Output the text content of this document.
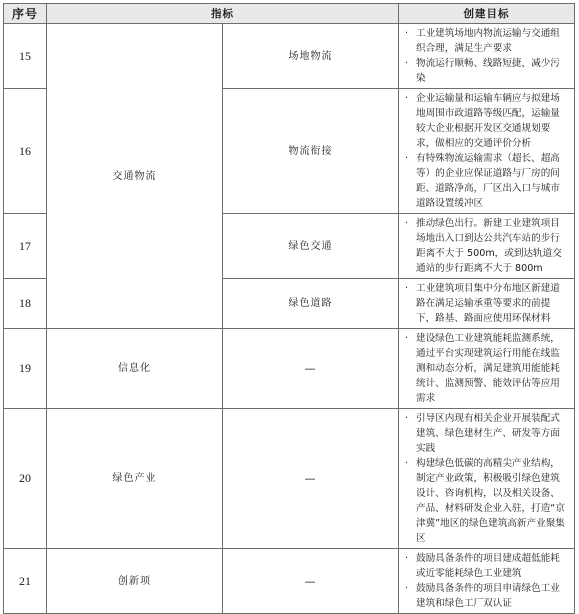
序号	指标		创建目标
15	交通物流	场地物流	· 工业建筑场地内物流运输与交通组织合理，满足生产要求
· 物流运行顺畅、线路短捷，减少污染

16		物流衔接	· 企业运输量和运输车辆应与拟建场地周围市政道路等级匹配，运输量较大企业根据开发区交通规划要求，做相应的交通评价分析
· 有特殊物流运输需求（超长、超高等）的企业应保证道路与厂房的间距、道路净高，厂区出入口与城市道路设置缓冲区

17		绿色交通	· 推动绿色出行。新建工业建筑项目场地出入口到达公共汽车站的步行距离不大于 500m，或到达轨道交通站的步行距离不大于 800m

18		绿色道路	· 工业建筑项目集中分布地区新建道路在满足运输承重等要求的前提下，路基、路面应使用环保材料

19	信息化	—	· 建设绿色工业建筑能耗监测系统，通过平台实现建筑运行用能在线监测和动态分析，满足建筑用能能耗统计、监测预警、能效评估等应用需求

20	绿色产业	—	· 引导区内现有相关企业开展装配式建筑、绿色建材生产、研发等方面实践
· 构建绿色低碳的高精尖产业结构，制定产业政策，积极吸引绿色建筑设计、咨询机构，以及相关设备、产品、材料研发企业入驻，打造“京津冀”地区的绿色建筑高新产业聚集区

21	创新项	—	· 鼓励具备条件的项目建成超低能耗或近零能耗绿色工业建筑
· 鼓励具备条件的项目申请绿色工业建筑和绿色工厂双认证
